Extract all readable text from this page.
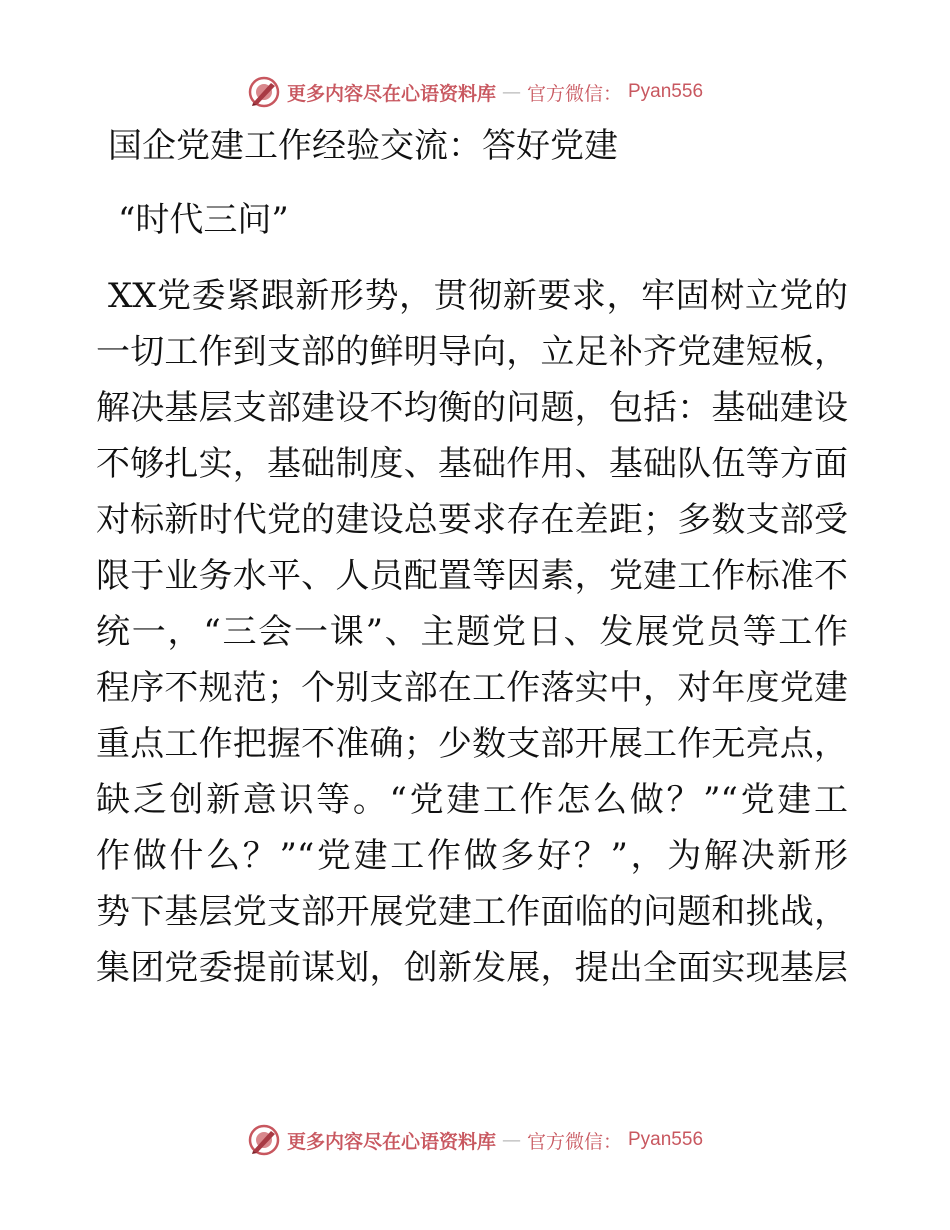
更多内容尽在心语资料库 — 官方微信： Pyan556
国企党建工作经验交流：答好党建
“时代三问”

XX党委紧跟新形势，贯彻新要求，牢固树立党的

一切工作到支部的鲜明导向，立足补齐党建短板，

解决基层支部建设不均衡的问题，包括：基础建设

不够扎实，基础制度、基础作用、基础队伍等方面

对标新时代党的建设总要求存在差距；多数支部受

限于业务水平、人员配置等因素，党建工作标准不

统一，“三会一课”、主题党日、发展党员等工作

程序不规范；个别支部在工作落实中，对年度党建

重点工作把握不准确；少数支部开展工作无亮点，

缺乏创新意识等。“党建工作怎么做？”“党建工

作做什么？”“党建工作做多好？”，为解决新形

势下基层党支部开展党建工作面临的问题和挑战，

集团党委提前谋划，创新发展，提出全面实现基层

更多内容尽在心语资料库 — 官方微信： Pyan556
